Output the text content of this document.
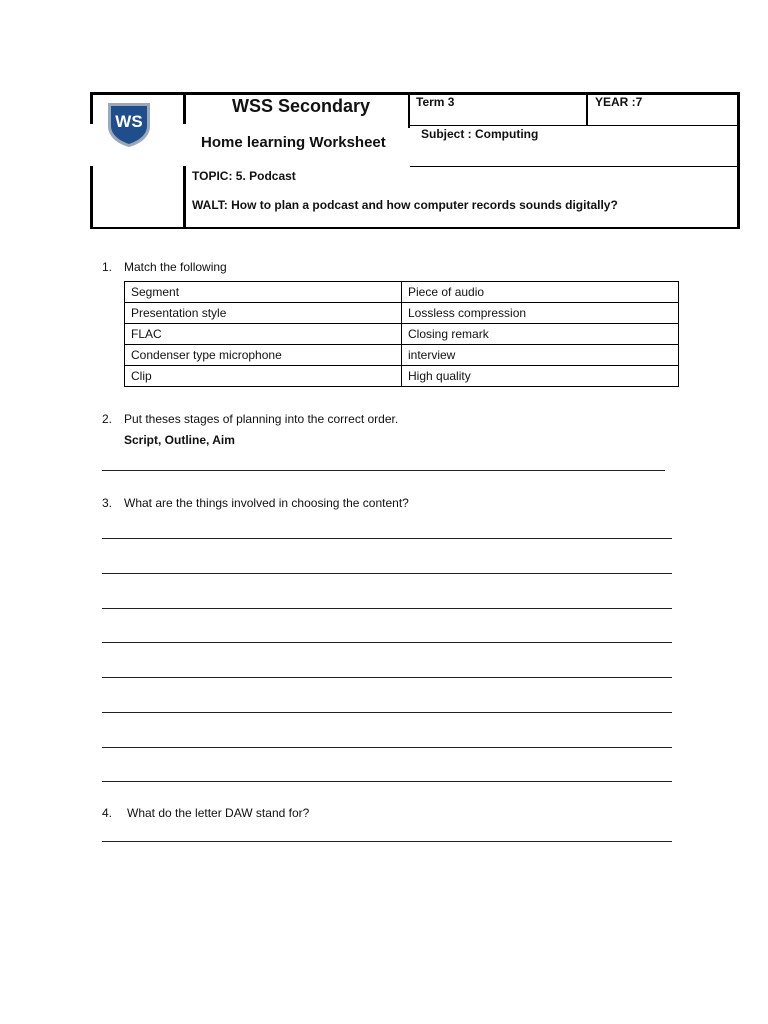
WS
WSS Secondary
Home learning Worksheet
Term 3	YEAR :7
Subject : Computing
TOPIC: 5. Podcast
WALT: How to plan a podcast and how computer records sounds digitally?
1. Match the following
Segment	Piece of audio
Presentation style	Lossless compression
FLAC	Closing remark
Condenser type microphone	interview
Clip	High quality
2. Put theses stages of planning into the correct order.
Script, Outline, Aim
3. What are the things involved in choosing the content?
4. What do the letter DAW stand for?
